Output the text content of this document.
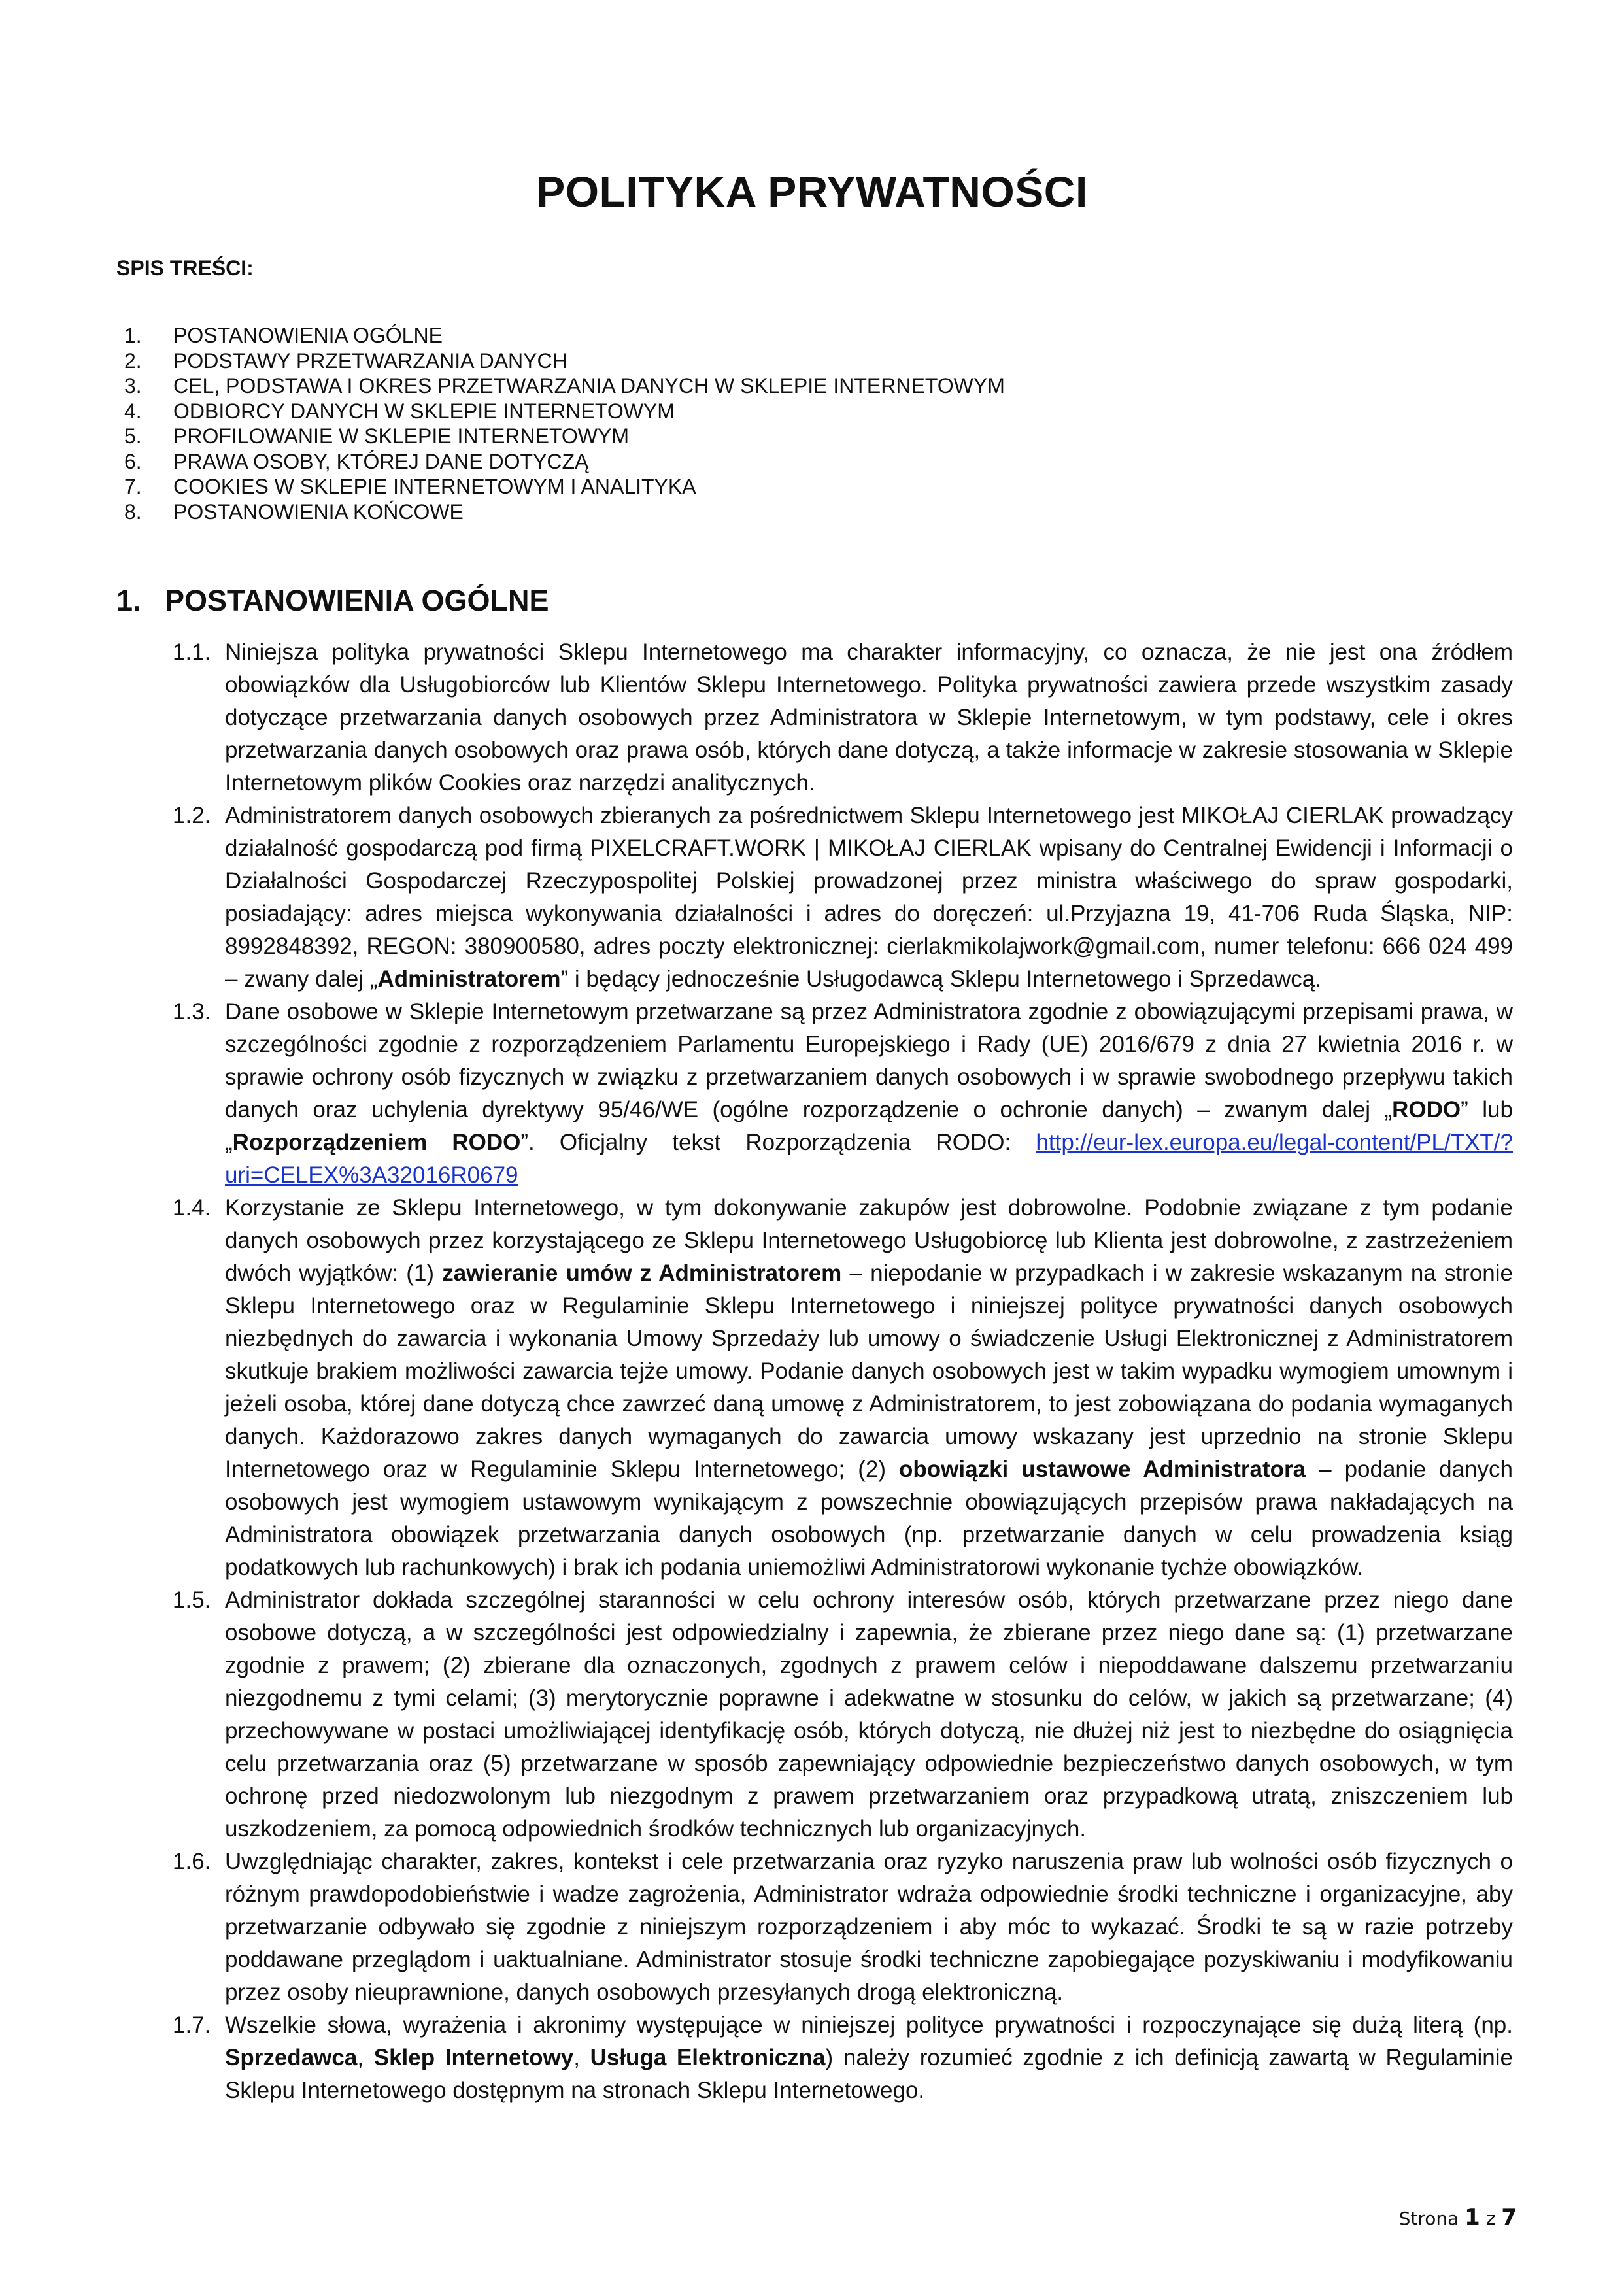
POLITYKA PRYWATNOŚCI
SPIS TREŚCI:
1. POSTANOWIENIA OGÓLNE
2. PODSTAWY PRZETWARZANIA DANYCH
3. CEL, PODSTAWA I OKRES PRZETWARZANIA DANYCH W SKLEPIE INTERNETOWYM
4. ODBIORCY DANYCH W SKLEPIE INTERNETOWYM
5. PROFILOWANIE W SKLEPIE INTERNETOWYM
6. PRAWA OSOBY, KTÓREJ DANE DOTYCZĄ
7. COOKIES W SKLEPIE INTERNETOWYM I ANALITYKA
8. POSTANOWIENIA KOŃCOWE
1. POSTANOWIENIA OGÓLNE
1.1. Niniejsza polityka prywatności Sklepu Internetowego ma charakter informacyjny, co oznacza, że nie jest ona źródłem obowiązków dla Usługobiorców lub Klientów Sklepu Internetowego. Polityka prywatności zawiera przede wszystkim zasady dotyczące przetwarzania danych osobowych przez Administratora w Sklepie Internetowym, w tym podstawy, cele i okres przetwarzania danych osobowych oraz prawa osób, których dane dotyczą, a także informacje w zakresie stosowania w Sklepie Internetowym plików Cookies oraz narzędzi analitycznych.
1.2. Administratorem danych osobowych zbieranych za pośrednictwem Sklepu Internetowego jest MIKOŁAJ CIERLAK prowadzący działalność gospodarczą pod firmą PIXELCRAFT.WORK | MIKOŁAJ CIERLAK wpisany do Centralnej Ewidencji i Informacji o Działalności Gospodarczej Rzeczypospolitej Polskiej prowadzonej przez ministra właściwego do spraw gospodarki, posiadający: adres miejsca wykonywania działalności i adres do doręczeń: ul.Przyjazna 19, 41-706 Ruda Śląska, NIP: 8992848392, REGON: 380900580, adres poczty elektronicznej: cierlakmikolajwork@gmail.com, numer telefonu: 666 024 499 – zwany dalej „Administratorem” i będący jednocześnie Usługodawcą Sklepu Internetowego i Sprzedawcą.
1.3. Dane osobowe w Sklepie Internetowym przetwarzane są przez Administratora zgodnie z obowiązującymi przepisami prawa, w szczególności zgodnie z rozporządzeniem Parlamentu Europejskiego i Rady (UE) 2016/679 z dnia 27 kwietnia 2016 r. w sprawie ochrony osób fizycznych w związku z przetwarzaniem danych osobowych i w sprawie swobodnego przepływu takich danych oraz uchylenia dyrektywy 95/46/WE (ogólne rozporządzenie o ochronie danych) – zwanym dalej „RODO” lub „Rozporządzeniem RODO”. Oficjalny tekst Rozporządzenia RODO: http://eur-lex.europa.eu/legal-content/PL/TXT/?uri=CELEX%3A32016R0679
1.4. Korzystanie ze Sklepu Internetowego, w tym dokonywanie zakupów jest dobrowolne. Podobnie związane z tym podanie danych osobowych przez korzystającego ze Sklepu Internetowego Usługobiorcę lub Klienta jest dobrowolne, z zastrzeżeniem dwóch wyjątków: (1) zawieranie umów z Administratorem – niepodanie w przypadkach i w zakresie wskazanym na stronie Sklepu Internetowego oraz w Regulaminie Sklepu Internetowego i niniejszej polityce prywatności danych osobowych niezbędnych do zawarcia i wykonania Umowy Sprzedaży lub umowy o świadczenie Usługi Elektronicznej z Administratorem skutkuje brakiem możliwości zawarcia tejże umowy. Podanie danych osobowych jest w takim wypadku wymogiem umownym i jeżeli osoba, której dane dotyczą chce zawrzeć daną umowę z Administratorem, to jest zobowiązana do podania wymaganych danych. Każdorazowo zakres danych wymaganych do zawarcia umowy wskazany jest uprzednio na stronie Sklepu Internetowego oraz w Regulaminie Sklepu Internetowego; (2) obowiązki ustawowe Administratora – podanie danych osobowych jest wymogiem ustawowym wynikającym z powszechnie obowiązujących przepisów prawa nakładających na Administratora obowiązek przetwarzania danych osobowych (np. przetwarzanie danych w celu prowadzenia ksiąg podatkowych lub rachunkowych) i brak ich podania uniemożliwi Administratorowi wykonanie tychże obowiązków.
1.5. Administrator dokłada szczególnej staranności w celu ochrony interesów osób, których przetwarzane przez niego dane osobowe dotyczą, a w szczególności jest odpowiedzialny i zapewnia, że zbierane przez niego dane są: (1) przetwarzane zgodnie z prawem; (2) zbierane dla oznaczonych, zgodnych z prawem celów i niepoddawane dalszemu przetwarzaniu niezgodnemu z tymi celami; (3) merytorycznie poprawne i adekwatne w stosunku do celów, w jakich są przetwarzane; (4) przechowywane w postaci umożliwiającej identyfikację osób, których dotyczą, nie dłużej niż jest to niezbędne do osiągnięcia celu przetwarzania oraz (5) przetwarzane w sposób zapewniający odpowiednie bezpieczeństwo danych osobowych, w tym ochronę przed niedozwolonym lub niezgodnym z prawem przetwarzaniem oraz przypadkową utratą, zniszczeniem lub uszkodzeniem, za pomocą odpowiednich środków technicznych lub organizacyjnych.
1.6. Uwzględniając charakter, zakres, kontekst i cele przetwarzania oraz ryzyko naruszenia praw lub wolności osób fizycznych o różnym prawdopodobieństwie i wadze zagrożenia, Administrator wdraża odpowiednie środki techniczne i organizacyjne, aby przetwarzanie odbywało się zgodnie z niniejszym rozporządzeniem i aby móc to wykazać. Środki te są w razie potrzeby poddawane przeglądom i uaktualniane. Administrator stosuje środki techniczne zapobiegające pozyskiwaniu i modyfikowaniu przez osoby nieuprawnione, danych osobowych przesyłanych drogą elektroniczną.
1.7. Wszelkie słowa, wyrażenia i akronimy występujące w niniejszej polityce prywatności i rozpoczynające się dużą literą (np. Sprzedawca, Sklep Internetowy, Usługa Elektroniczna) należy rozumieć zgodnie z ich definicją zawartą w Regulaminie Sklepu Internetowego dostępnym na stronach Sklepu Internetowego.
Strona 1 z 7
